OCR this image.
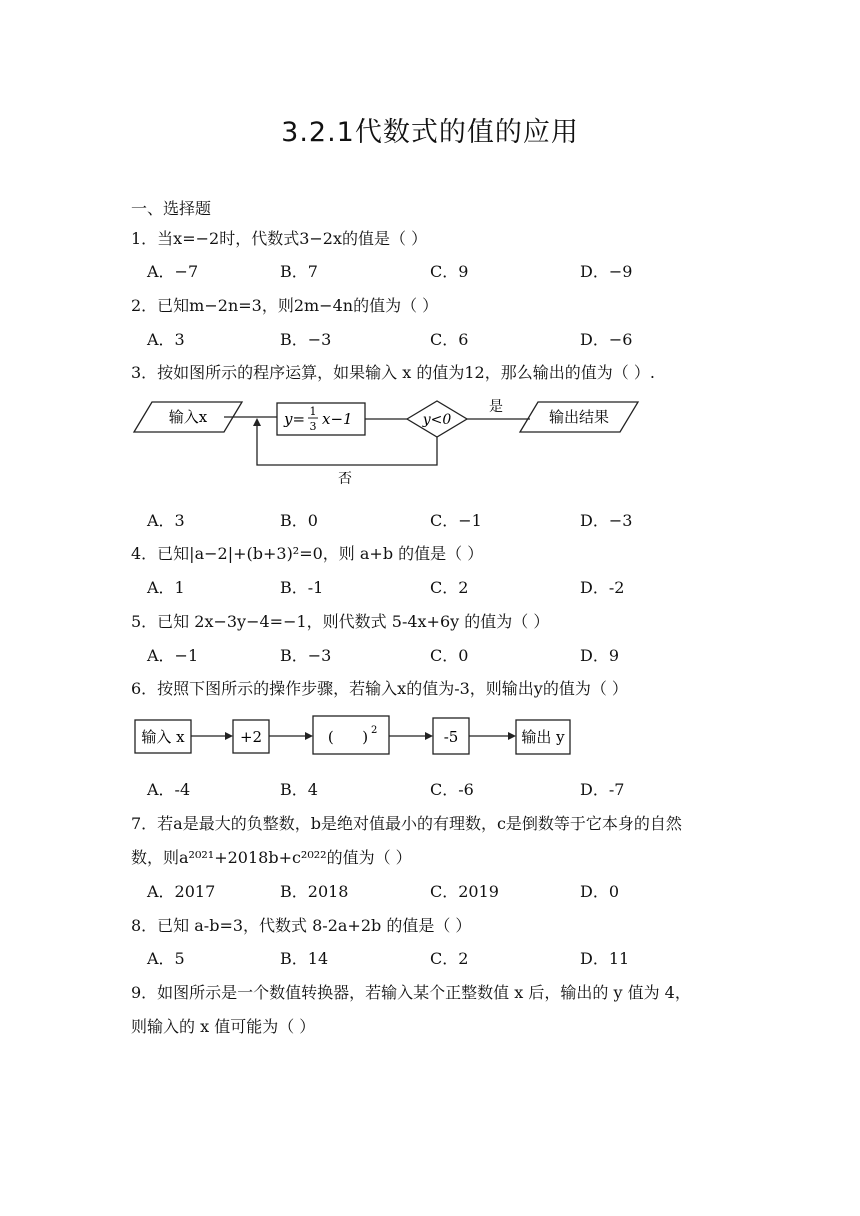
3.2.1代数式的值的应用
一、选择题
1．当x=−2时，代数式3−2x的值是（ ）
A．−7	B．7	C．9	D．−9
2．已知m−2n=3，则2m−4n的值为（ ）
A．3	B．−3	C．6	D．−6
3．按如图所示的程序运算，如果输入 x 的值为12，那么输出的值为（ ）.
输入x	y= 1
3 x−1	y<0
是
输出结果
否
A．3	B．0	C．−1	D．−3
4．已知|a−2|+(b+3)²=0，则 a+b 的值是（ ）
A．1	B．-1	C．2	D．-2
5．已知 2x−3y−4=−1，则代数式 5-4x+6y 的值为（ ）
A．−1	B．−3	C．0	D．9
6．按照下图所示的操作步骤，若输入x的值为-3，则输出y的值为（ ）
输入 x	+2	(      ) 2	-5	输出 y
A．-4	B．4	C．-6	D．-7
7．若a是最大的负整数，b是绝对值最小的有理数，c是倒数等于它本身的自然
数，则a²⁰²¹+2018b+c²⁰²²的值为（ ）
A．2017	B．2018	C．2019	D．0
8．已知 a-b=3，代数式 8-2a+2b 的值是（ ）
A．5	B．14	C．2	D．11
9．如图所示是一个数值转换器，若输入某个正整数值 x 后，输出的 y 值为 4，
则输入的 x 值可能为（ ）
